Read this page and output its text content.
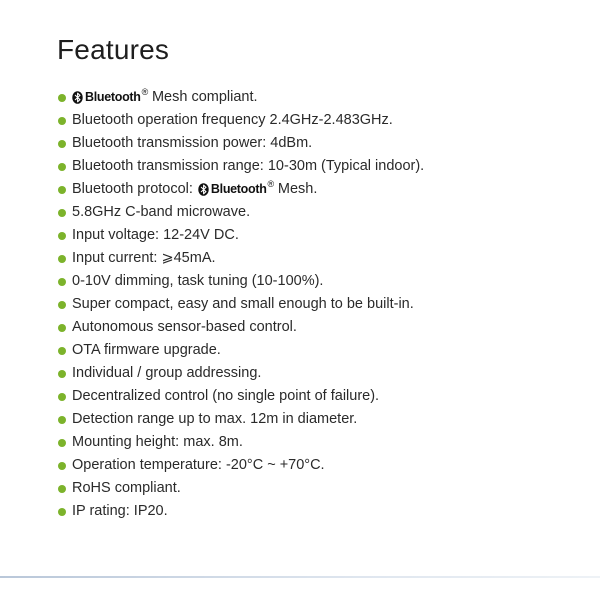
Features
Bluetooth® Mesh compliant.
Bluetooth operation frequency 2.4GHz-2.483GHz.
Bluetooth transmission power: 4dBm.
Bluetooth transmission range: 10-30m (Typical indoor).
Bluetooth protocol: Bluetooth® Mesh.
5.8GHz C-band microwave.
Input voltage: 12-24V DC.
Input current: ⩾45mA.
0-10V dimming, task tuning (10-100%).
Super compact, easy and small enough to be built-in.
Autonomous sensor-based control.
OTA firmware upgrade.
Individual / group addressing.
Decentralized control (no single point of failure).
Detection range up to max. 12m in diameter.
Mounting height: max. 8m.
Operation temperature: -20°C ~ +70°C.
RoHS compliant.
IP rating: IP20.
